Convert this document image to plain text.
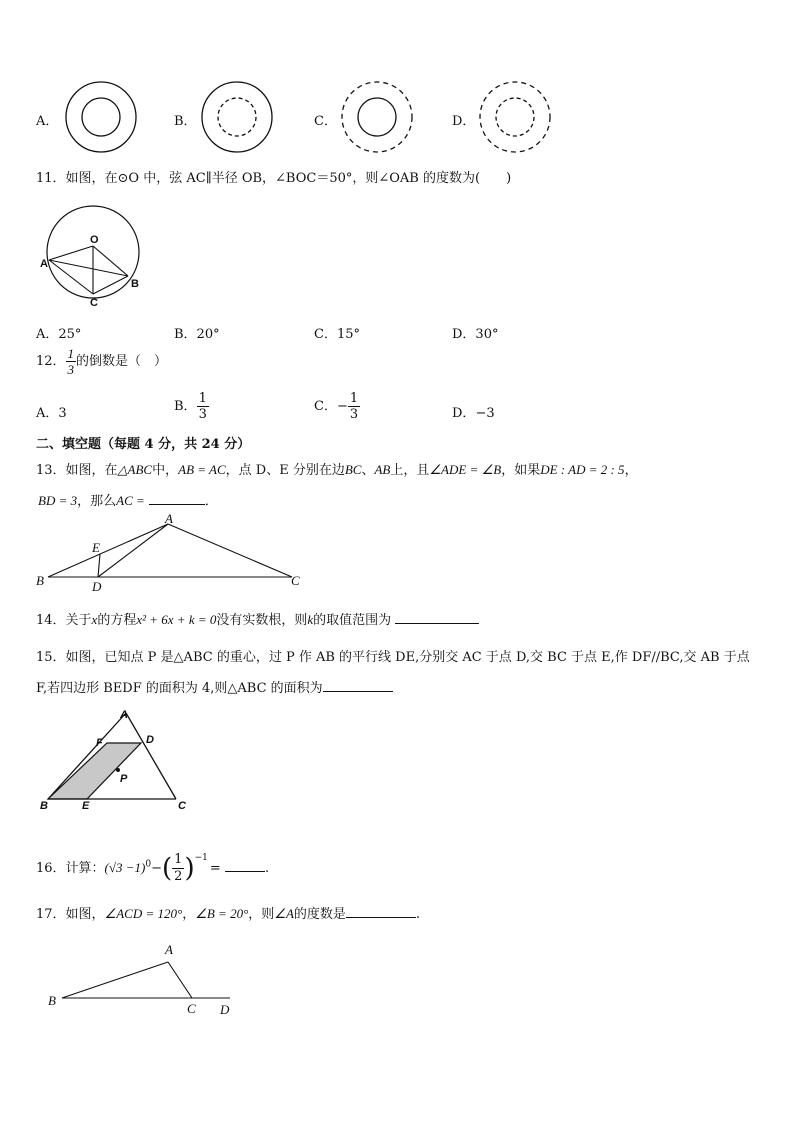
A．	B．	C．	D．
11．如图，在⊙O 中，弦 AC∥半径 OB，∠BOC＝50°，则∠OAB 的度数为(　　)
O
A
B
C
A．25°	B．20°	C．15°	D．30°
12． $\frac{1}{3}$ 的倒数是（　）
A．3	B． $\frac{1}{3}$	C．− $\frac{1}{3}$	D．−3
二、填空题（每题 4 分，共 24 分）
13．如图，在△ABC中，AB = AC，点 D、E 分别在边BC、AB上，且∠ADE = ∠B，如果DE : AD = 2 : 5，
BD = 3，那么AC =	．
A
B	C
D
E
14．关于x的方程x² + 6x + k = 0没有实数根，则k的取值范围为
15．如图，已知点 P 是△ABC 的重心，过 P 作 AB 的平行线 DE,分别交 AC 于点 D,交 BC 于点 E,作 DF//BC,交 AB 于点
F,若四边形 BEDF 的面积为 4,则△ABC 的面积为
A
B	C
D
E
F
P
16．计算：$(√3 -1)^0-( \frac{1}{2} )^{-1}=$	.
17．如图，∠ACD = 120°，∠B = 20°，则∠A的度数是	.
A
B
C D
